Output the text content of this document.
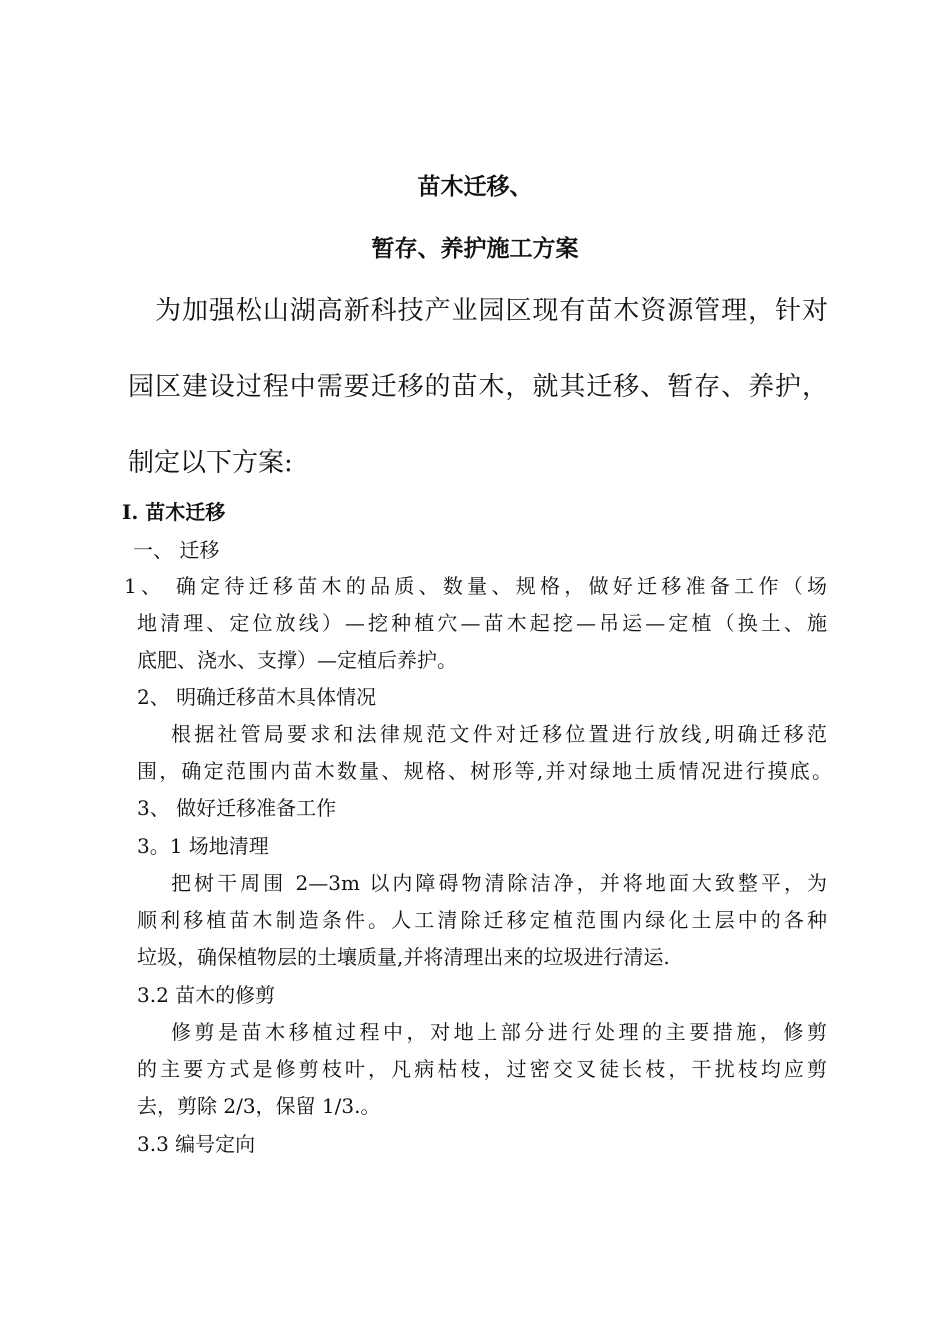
苗木迁移、
暂存、养护施工方案
为加强松山湖高新科技产业园区现有苗木资源管理，针对
园区建设过程中需要迁移的苗木，就其迁移、暂存、养护，
制定以下方案:
I. 苗木迁移
一、 迁移
1、 确定待迁移苗木的品质、数量、规格，做好迁移准备工作（场
地清理、定位放线）—挖种植穴—苗木起挖—吊运—定植（换土、施
底肥、浇水、支撑）—定植后养护。
2、 明确迁移苗木具体情况
根据社管局要求和法律规范文件对迁移位置进行放线,明确迁移范
围，确定范围内苗木数量、规格、树形等,并对绿地土质情况进行摸底。
3、 做好迁移准备工作
3。1 场地清理
把树干周围 2—3m 以内障碍物清除洁净，并将地面大致整平，为
顺利移植苗木制造条件。人工清除迁移定植范围内绿化土层中的各种
垃圾，确保植物层的土壤质量,并将清理出来的垃圾进行清运.
3.2 苗木的修剪
修剪是苗木移植过程中，对地上部分进行处理的主要措施，修剪
的主要方式是修剪枝叶，凡病枯枝，过密交叉徒长枝，干扰枝均应剪
去，剪除 2/3，保留 1/3.。
3.3 编号定向
